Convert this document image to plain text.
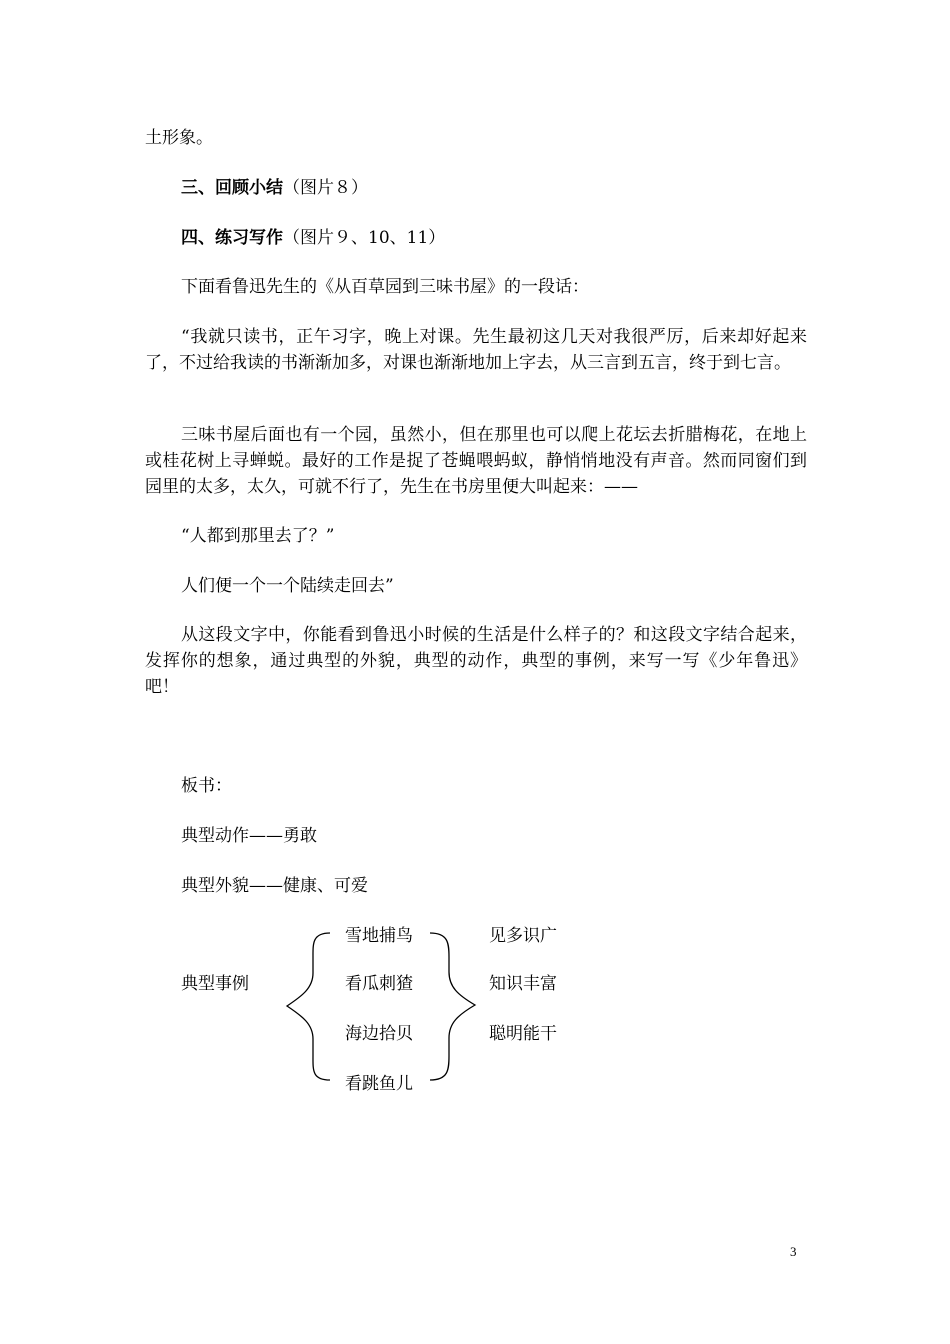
土形象。
三、回顾小结（图片８）
四、练习写作（图片９、10、11）
下面看鲁迅先生的《从百草园到三味书屋》的一段话：
“我就只读书，正午习字，晚上对课。先生最初这几天对我很严厉，后来却好起来了，不过给我读的书渐渐加多，对课也渐渐地加上字去，从三言到五言，终于到七言。
三味书屋后面也有一个园，虽然小，但在那里也可以爬上花坛去折腊梅花，在地上或桂花树上寻蝉蜕。最好的工作是捉了苍蝇喂蚂蚁，静悄悄地没有声音。然而同窗们到园里的太多，太久，可就不行了，先生在书房里便大叫起来：——
“人都到那里去了？”
人们便一个一个陆续走回去”
从这段文字中，你能看到鲁迅小时候的生活是什么样子的？和这段文字结合起来，发挥你的想象，通过典型的外貌，典型的动作，典型的事例，来写一写《少年鲁迅》吧！
板书：
典型动作——勇敢
典型外貌——健康、可爱
典型事例
雪地捕鸟
看瓜刺猹
海边拾贝
看跳鱼儿
见多识广
知识丰富
聪明能干
3
